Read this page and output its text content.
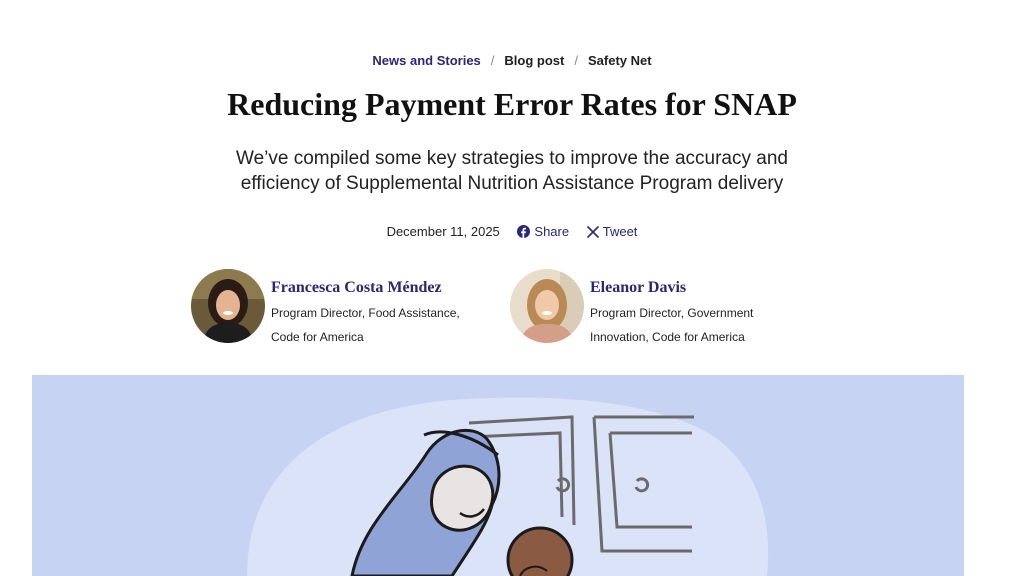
News and Stories / Blog post / Safety Net
Reducing Payment Error Rates for SNAP

We’ve compiled some key strategies to improve the accuracy and efficiency of Supplemental Nutrition Assistance Program delivery

December 11, 2025	Share	Tweet
Francesca Costa Méndez
Program Director, Food Assistance, Code for America
Eleanor Davis
Program Director, Government Innovation, Code for America
